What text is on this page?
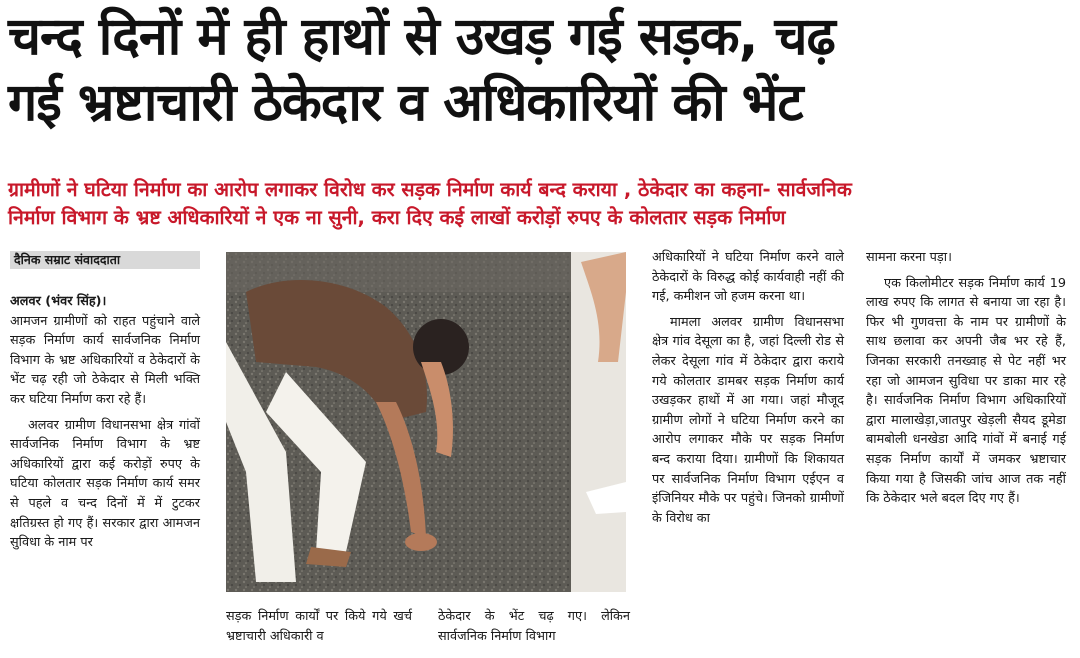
चन्द दिनों में ही हाथों से उखड़ गई सड़क, चढ़
गई भ्रष्टाचारी ठेकेदार व अधिकारियों की भेंट
ग्रामीणों ने घटिया निर्माण का आरोप लगाकर विरोध कर सड़क निर्माण कार्य बन्द कराया , ठेकेदार का कहना- सार्वजनिक
निर्माण विभाग के भ्रष्ट अधिकारियों ने एक ना सुनी, करा दिए कई लाखों करोड़ों रुपए के कोलतार सड़क निर्माण
दैनिक सम्राट संवाददाता

अलवर (भंवर सिंह)।

आमजन ग्रामीणों को राहत पहुंचाने वाले सड़क निर्माण कार्य सार्वजनिक निर्माण विभाग के भ्रष्ट अधिकारियों व ठेकेदारों के भेंट चढ़ रही जो ठेकेदार से मिली भक्ति कर घटिया निर्माण करा रहे हैं।

अलवर ग्रामीण विधानसभा क्षेत्र गांवों सार्वजनिक निर्माण विभाग के भ्रष्ट अधिकारियों द्वारा कई करोड़ों रुपए के घटिया कोलतार सड़क निर्माण कार्य समर से पहले व चन्द दिनों में में टुटकर क्षतिग्रस्त हो गए हैं। सरकार द्वारा आमजन सुविधा के नाम पर

सड़क निर्माण कार्यों पर किये गये खर्च भ्रष्टाचारी अधिकारी व

ठेकेदार के भेंट चढ़ गए। लेकिन सार्वजनिक निर्माण विभाग

अधिकारियों ने घटिया निर्माण करने वाले ठेकेदारों के विरुद्ध कोई कार्यवाही नहीं की गई, कमीशन जो हजम करना था।

मामला अलवर ग्रामीण विधानसभा क्षेत्र गांव देसूला का है, जहां दिल्ली रोड से लेकर देसूला गांव में ठेकेदार द्वारा कराये गये कोलतार डामबर सड़क निर्माण कार्य उखड़कर हाथों में आ गया। जहां मौजूद ग्रामीण लोगों ने घटिया निर्माण करने का आरोप लगाकर मौके पर सड़क निर्माण बन्द कराया दिया। ग्रामीणों कि शिकायत पर सार्वजनिक निर्माण विभाग एईएन व इंजिनियर मौके पर पहुंचे। जिनको ग्रामीणों के विरोध का

सामना करना पड़ा।

एक किलोमीटर सड़क निर्माण कार्य 19 लाख रुपए कि लागत से बनाया जा रहा है। फिर भी गुणवत्ता के नाम पर ग्रामीणों के साथ छलावा कर अपनी जैब भर रहे हैं, जिनका सरकारी तनख्वाह से पेट नहीं भर रहा जो आमजन सुविधा पर डाका मार रहे है। सार्वजनिक निर्माण विभाग अधिकारियों द्वारा मालाखेड़ा,जातपुर खेड़ली सैयद डूमेडा बामबोली धनखेडा आदि गांवों में बनाई गई सड़क निर्माण कार्यों में जमकर भ्रष्टाचार किया गया है जिसकी जांच आज तक नहीं कि ठेकेदार भले बदल दिए गए हैं।
